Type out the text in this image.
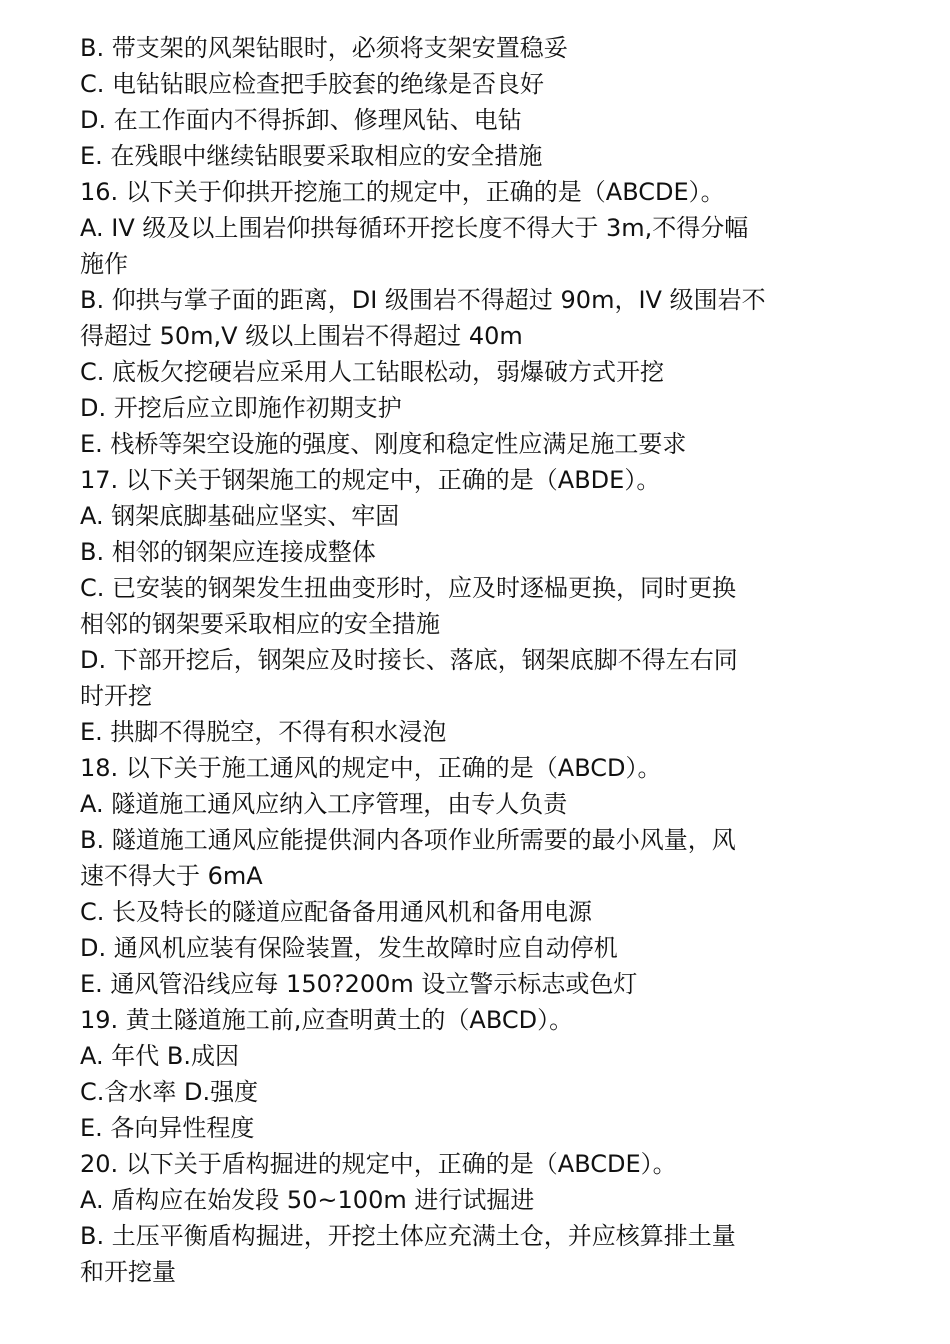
B. 带支架的风架钻眼时，必须将支架安置稳妥

C. 电钻钻眼应检查把手胶套的绝缘是否良好

D. 在工作面内不得拆卸、修理风钻、电钻

E. 在残眼中继续钻眼要采取相应的安全措施

16. 以下关于仰拱开挖施工的规定中，正确的是（ABCDE）。

A. IV 级及以上围岩仰拱每循环开挖长度不得大于 3m,不得分幅

施作

B. 仰拱与掌子面的距离，DI 级围岩不得超过 90m，IV 级围岩不

得超过 50m,V 级以上围岩不得超过 40m

C. 底板欠挖硬岩应采用人工钻眼松动，弱爆破方式开挖

D. 开挖后应立即施作初期支护

E. 栈桥等架空设施的强度、刚度和稳定性应满足施工要求

17. 以下关于钢架施工的规定中，正确的是（ABDE）。

A. 钢架底脚基础应坚实、牢固

B. 相邻的钢架应连接成整体

C. 已安装的钢架发生扭曲变形时，应及时逐榀更换，同时更换

相邻的钢架要采取相应的安全措施

D. 下部开挖后，钢架应及时接长、落底，钢架底脚不得左右同

时开挖

E. 拱脚不得脱空，不得有积水浸泡

18. 以下关于施工通风的规定中，正确的是（ABCD）。

A. 隧道施工通风应纳入工序管理，由专人负责

B. 隧道施工通风应能提供洞内各项作业所需要的最小风量，风

速不得大于 6mA

C. 长及特长的隧道应配备备用通风机和备用电源

D. 通风机应装有保险装置，发生故障时应自动停机

E. 通风管沿线应每 150?200m 设立警示标志或色灯

19. 黄土隧道施工前,应查明黄土的（ABCD）。

A. 年代 B.成因

C.含水率 D.强度

E. 各向异性程度

20. 以下关于盾构掘进的规定中，正确的是（ABCDE）。

A. 盾构应在始发段 50~100m 进行试掘进

B. 土压平衡盾构掘进，开挖土体应充满土仓，并应核算排土量

和开挖量
